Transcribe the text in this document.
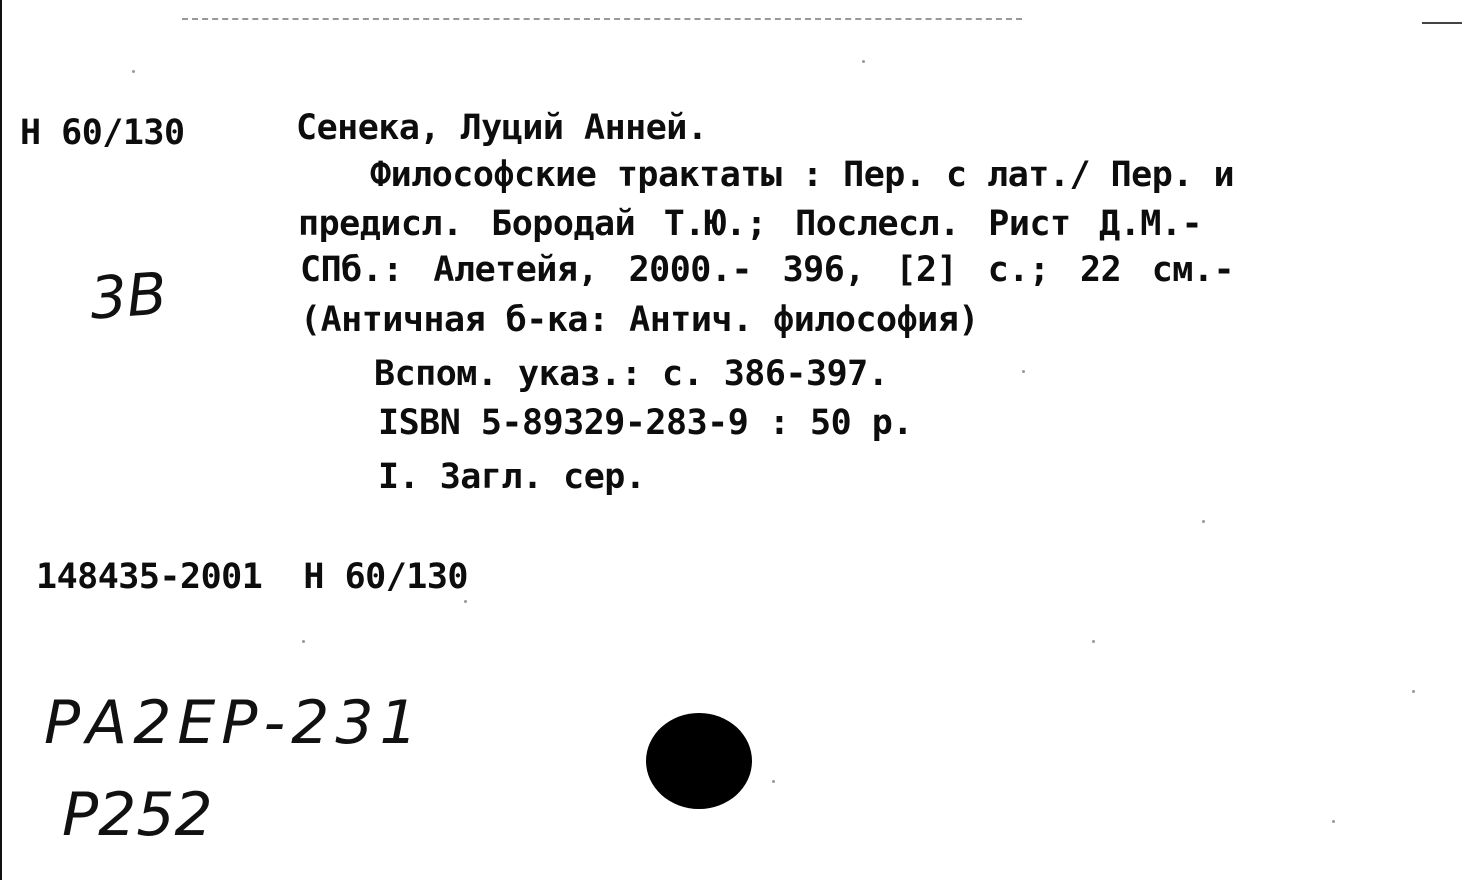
Н 60/130
3В
Сенека, Луций Анней.
Философские трактаты : Пер. с лат./ Пер. и
предисл. Бородай Т.Ю.; Послесл. Рист Д.М.-
СПб.: Алетейя, 2000.- 396, [2] с.; 22 см.-
(Античная б-ка: Антич. философия)
Вспом. указ.: с. 386-397.
ISBN 5-89329-283-9 : 50 р.
I. Загл. сер.
148435-2001  Н 60/130
РА2ЕР-231
Р252
